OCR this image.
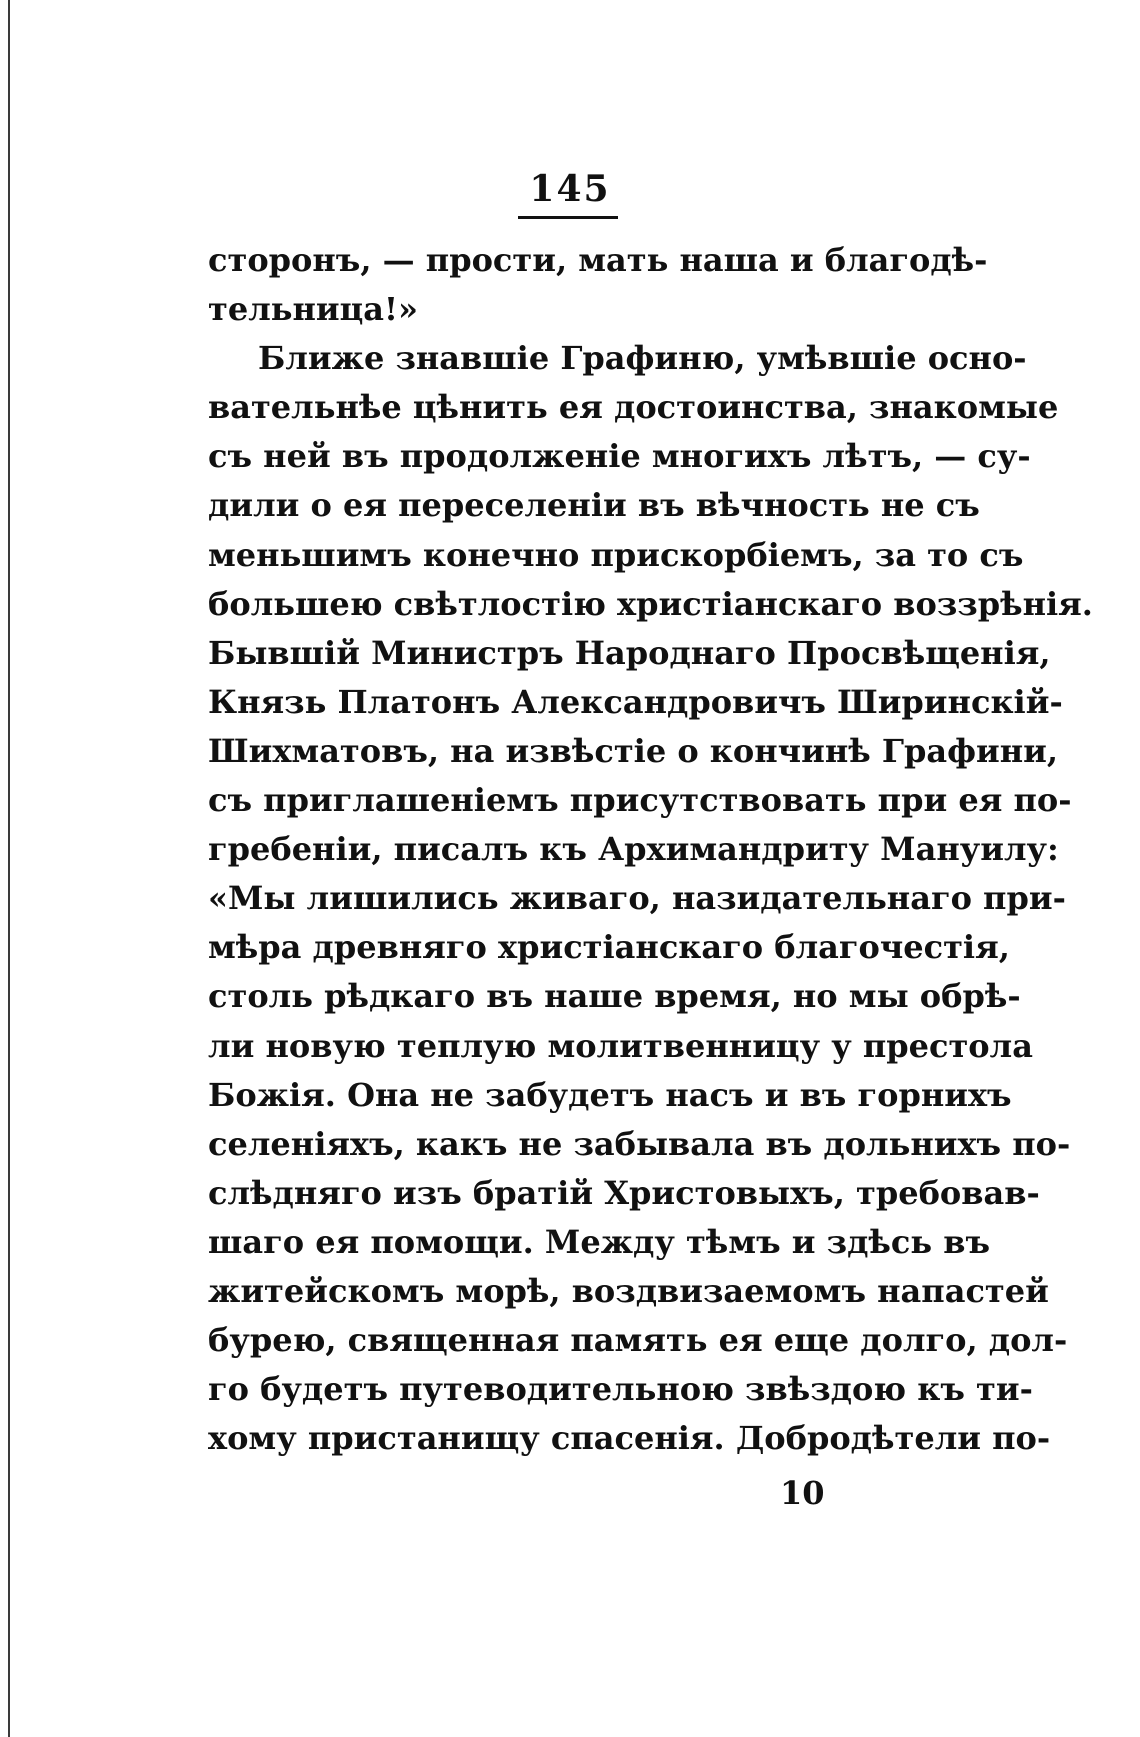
145
сторонъ, — прости, мать наша и благодѣ-
тельница!»
Ближе знавшіе Графиню, умѣвшіе осно-
вательнѣе цѣнить ея достоинства, знакомые
съ ней въ продолженіе многихъ лѣтъ, — су-
дили о ея переселеніи въ вѣчность не съ
меньшимъ конечно прискорбіемъ, за то съ
большею свѣтлостію христіанскаго воззрѣнія.
Бывшій Министръ Народнаго Просвѣщенія,
Князь Платонъ Александровичъ Ширинскій-
Шихматовъ, на извѣстіе о кончинѣ Графини,
съ приглашеніемъ присутствовать при ея по-
гребеніи, писалъ къ Архимандриту Мануилу:
«Мы лишились живаго, назидательнаго при-
мѣра древняго христіанскаго благочестія,
столь рѣдкаго въ наше время, но мы обрѣ-
ли новую теплую молитвенницу у престола
Божія. Она не забудетъ насъ и въ горнихъ
селеніяхъ, какъ не забывала въ дольнихъ по-
слѣдняго изъ братій Христовыхъ, требовав-
шаго ея помощи. Между тѣмъ и здѣсь въ
житейскомъ морѣ, воздвизаемомъ напастей
бурею, священная память ея еще долго, дол-
го будетъ путеводительною звѣздою къ ти-
хому пристанищу спасенія. Добродѣтели по-
10
